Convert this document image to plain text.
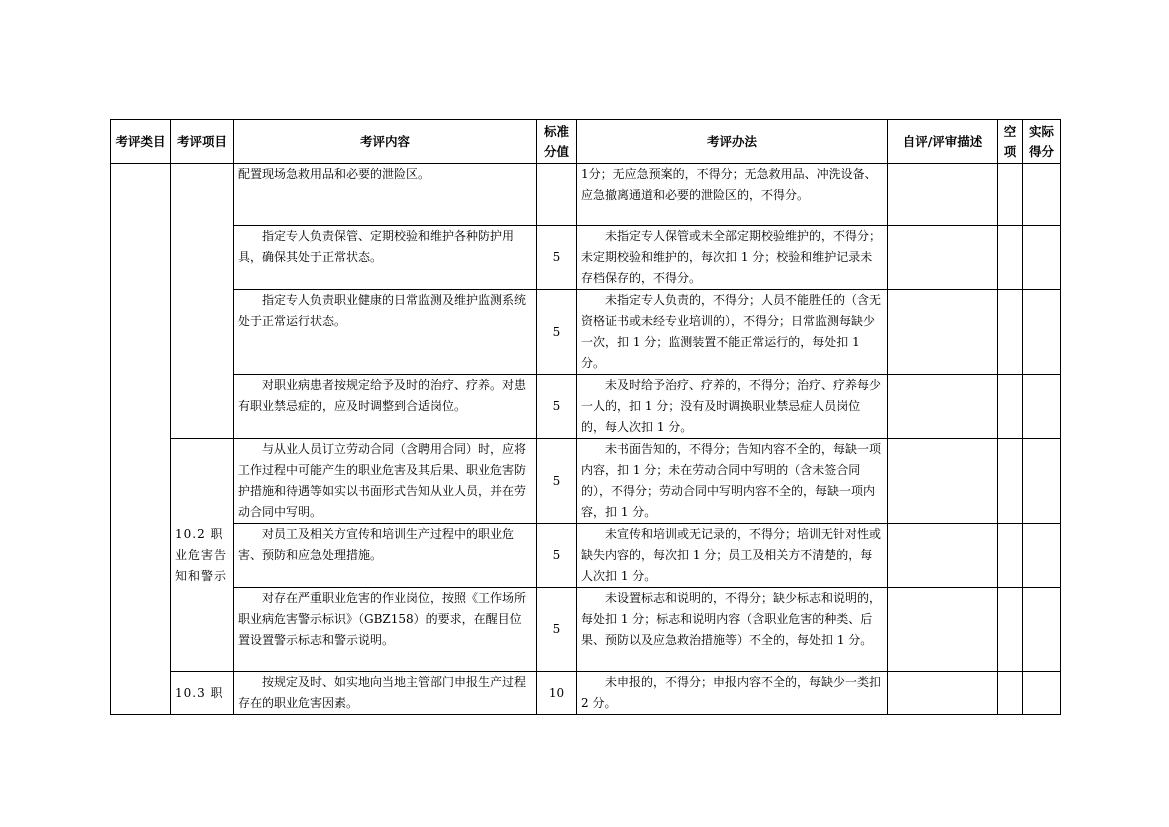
考评类目	考评项目	考评内容	标准分值	考评办法	自评/评审描述	空项	实际得分
		配置现场急救用品和必要的泄险区。		1分；无应急预案的，不得分；无急救用品、冲洗设备、应急撤离通道和必要的泄险区的，不得分。			
		指定专人负责保管、定期校验和维护各种防护用具，确保其处于正常状态。	5	未指定专人保管或未全部定期校验维护的，不得分；未定期校验和维护的，每次扣 1 分；校验和维护记录未存档保存的，不得分。			
		指定专人负责职业健康的日常监测及维护监测系统处于正常运行状态。	5	未指定专人负责的，不得分；人员不能胜任的（含无资格证书或未经专业培训的），不得分；日常监测每缺少一次，扣 1 分；监测装置不能正常运行的，每处扣 1 分。			
		对职业病患者按规定给予及时的治疗、疗养。对患有职业禁忌症的，应及时调整到合适岗位。	5	未及时给予治疗、疗养的，不得分；治疗、疗养每少一人的，扣 1 分；没有及时调换职业禁忌症人员岗位的，每人次扣 1 分。			
	10.2 职业危害告知和警示	与从业人员订立劳动合同（含聘用合同）时，应将工作过程中可能产生的职业危害及其后果、职业危害防护措施和待遇等如实以书面形式告知从业人员，并在劳动合同中写明。	5	未书面告知的，不得分；告知内容不全的，每缺一项内容，扣 1 分；未在劳动合同中写明的（含未签合同的），不得分；劳动合同中写明内容不全的，每缺一项内容，扣 1 分。			
		对员工及相关方宣传和培训生产过程中的职业危害、预防和应急处理措施。	5	未宣传和培训或无记录的，不得分；培训无针对性或缺失内容的，每次扣 1 分；员工及相关方不清楚的，每人次扣 1 分。			
		对存在严重职业危害的作业岗位，按照《工作场所职业病危害警示标识》（GBZ158）的要求，在醒目位置设置警示标志和警示说明。	5	未设置标志和说明的，不得分；缺少标志和说明的，每处扣 1 分；标志和说明内容（含职业危害的种类、后果、预防以及应急救治措施等）不全的，每处扣 1 分。			
	10.3 职	按规定及时、如实地向当地主管部门申报生产过程存在的职业危害因素。	10	未申报的，不得分；申报内容不全的，每缺少一类扣 2 分。			
